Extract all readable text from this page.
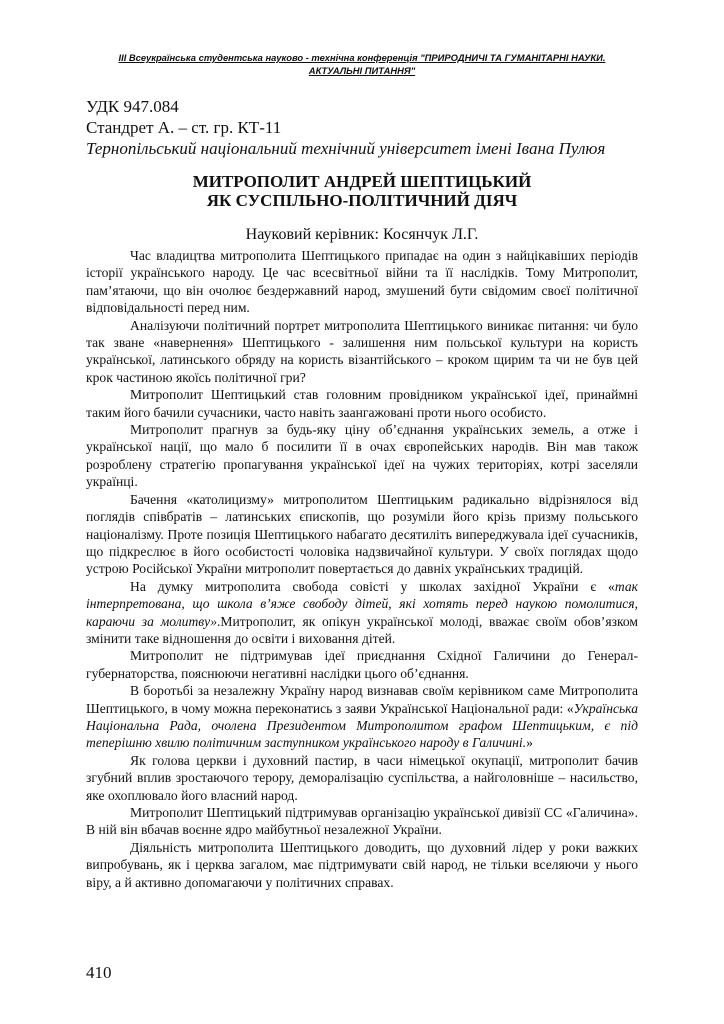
ІІІ Всеукраїнська студентська науково - технічна конференція "ПРИРОДНИЧІ ТА ГУМАНІТАРНІ НАУКИ.
АКТУАЛЬНІ ПИТАННЯ"
УДК 947.084
Стандрет А. – ст. гр. КТ-11
Тернопільський національний технічний університет імені Івана Пулюя
МИТРОПОЛИТ АНДРЕЙ ШЕПТИЦЬКИЙ
ЯК СУСПІЛЬНО-ПОЛІТИЧНИЙ ДІЯЧ
Науковий керівник: Косянчук Л.Г.

Час владицтва митрополита Шептицького припадає на один з найцікавіших періодів історії українського народу. Це час всесвітньої війни та її наслідків. Тому Митрополит, пам’ятаючи, що він очолює бездержавний народ, змушений бути свідомим своєї політичної відповідальності перед ним.

Аналізуючи політичний портрет митрополита Шептицького виникає питання: чи було так зване «навернення» Шептицького - залишення ним польської культури на користь української, латинського обряду на користь візантійського – кроком щирим та чи не був цей крок частиною якоїсь політичної гри?

Митрополит Шептицький став головним провідником української ідеї, принаймні таким його бачили сучасники, часто навіть заангажовані проти нього особисто.

Митрополит прагнув за будь-яку ціну об’єднання українських земель, а отже і української нації, що мало б посилити її в очах європейських народів. Він мав також розроблену стратегію пропагування української ідеї на чужих територіях, котрі заселяли українці.

Бачення «католицизму» митрополитом Шептицьким радикально відрізнялося від поглядів співбратів – латинських єпископів, що розуміли його крізь призму польського націоналізму. Проте позиція Шептицького набагато десятиліть випереджувала ідеї сучасників, що підкреслює в його особистості чоловіка надзвичайної культури. У своїх поглядах щодо устрою Російської України митрополит повертається до давніх українських традицій.

На думку митрополита свобода совісті у школах західної України є «так інтерпретована, що школа в’яже свободу дітей, які хотять перед наукою помолитися, караючи за молитву».Митрополит, як опікун української молоді, вважає своїм обов’язком змінити таке відношення до освіти і виховання дітей.

Митрополит не підтримував ідеї приєднання Східної Галичини до Генерал-губернаторства, пояснюючи негативні наслідки цього об’єднання.

В боротьбі за незалежну Україну народ визнавав своїм керівником саме Митрополита Шептицького, в чому можна переконатись з заяви Української Національної ради: «Українська Національна Рада, очолена Президентом Митрополитом графом Шептицьким, є під теперішню хвилю політичним заступником українського народу в Галичині.»

Як голова церкви і духовний пастир, в часи німецької окупації, митрополит бачив згубний вплив зростаючого терору, деморалізацію суспільства, а найголовніше – насильство, яке охоплювало його власний народ.

Митрополит Шептицький підтримував організацію української дивізії СС «Галичина». В ній він вбачав воєнне ядро майбутньої незалежної України.

Діяльність митрополита Шептицького доводить, що духовний лідер у роки важких випробувань, як і церква загалом, має підтримувати свій народ, не тільки вселяючи у нього віру, а й активно допомагаючи у політичних справах.

410
